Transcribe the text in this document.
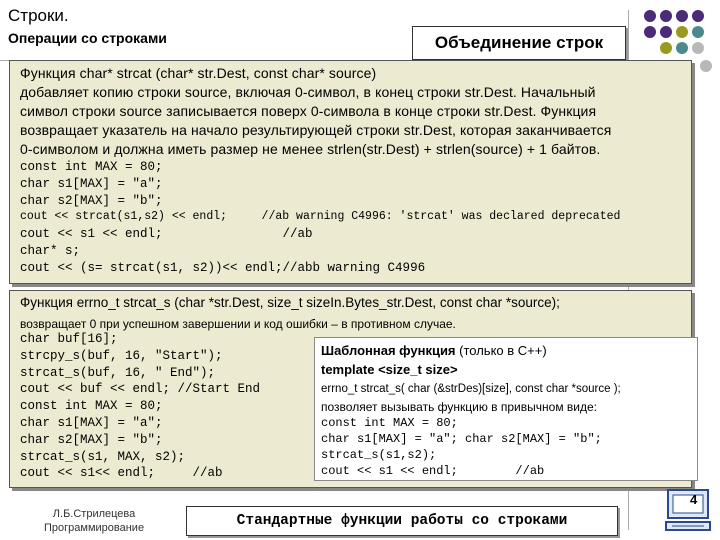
Строки.
Операции со строками	Объединение строк
Функция char* strcat (char* str.Dest, const char* source)
добавляет копию строки source, включая 0-символ, в конец строки str.Dest. Начальный
символ строки source записывается поверх 0-символа в конце строки str.Dest. Функция
возвращает указатель на начало результирующей строки str.Dest, которая заканчивается
0-символом и должна иметь размер не менее strlen(str.Dest) + strlen(source) + 1 байтов.
const int MAX = 80;
char s1[MAX] = "a";
char s2[MAX] = "b";
cout << strcat(s1,s2) << endl;     //ab warning C4996: 'strcat' was declared deprecated
cout << s1 << endl;                //ab
char* s;
cout << (s= strcat(s1, s2))<< endl;//abb warning C4996
Функция errno_t strcat_s (char *str.Dest, size_t sizeIn.Bytes_str.Dest, const char *source);
возвращает 0 при успешном завершении и код ошибки – в противном случае.
char buf[16];
strcpy_s(buf, 16, "Start");
strcat_s(buf, 16, " End");
cout << buf << endl; //Start End
const int MAX = 80;
char s1[MAX] = "a";
char s2[MAX] = "b";
strcat_s(s1, MAX, s2);
cout << s1<< endl;     //ab
Шаблонная функция (только в С++)
template <size_t size>
errno_t strcat_s( char (&strDes)[size], const char *source );
позволяет вызывать функцию в привычном виде:
const int MAX = 80;
char s1[MAX] = "a"; char s2[MAX] = "b";
strcat_s(s1,s2);
cout << s1 << endl;        //ab
Л.Б.Стрилецева
Программирование	Стандартные функции работы со строками
4
